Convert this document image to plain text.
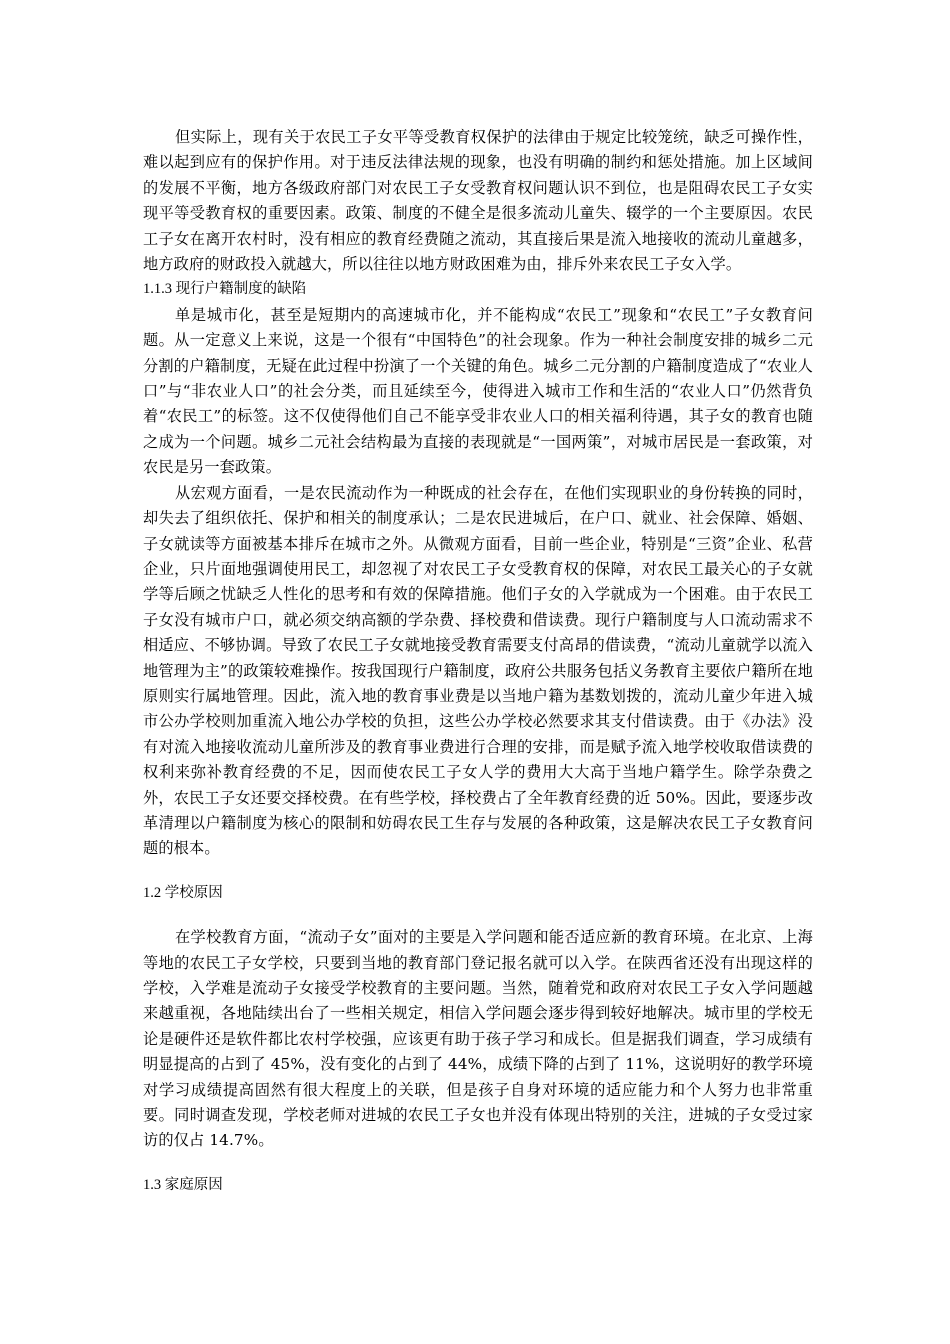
但实际上，现有关于农民工子女平等受教育权保护的法律由于规定比较笼统，缺乏可操作性，难以起到应有的保护作用。对于违反法律法规的现象，也没有明确的制约和惩处措施。加上区域间的发展不平衡，地方各级政府部门对农民工子女受教育权问题认识不到位，也是阻碍农民工子女实现平等受教育权的重要因素。政策、制度的不健全是很多流动儿童失、辍学的一个主要原因。农民工子女在离开农村时，没有相应的教育经费随之流动，其直接后果是流入地接收的流动儿童越多，地方政府的财政投入就越大，所以往往以地方财政困难为由，排斥外来农民工子女入学。

1.1.3 现行户籍制度的缺陷

单是城市化，甚至是短期内的高速城市化，并不能构成“农民工”现象和“农民工”子女教育问题。从一定意义上来说，这是一个很有“中国特色”的社会现象。作为一种社会制度安排的城乡二元分割的户籍制度，无疑在此过程中扮演了一个关键的角色。城乡二元分割的户籍制度造成了“农业人口”与“非农业人口”的社会分类，而且延续至今，使得进入城市工作和生活的“农业人口”仍然背负着“农民工”的标签。这不仅使得他们自己不能享受非农业人口的相关福利待遇，其子女的教育也随之成为一个问题。城乡二元社会结构最为直接的表现就是“一国两策”，对城市居民是一套政策，对农民是另一套政策。

从宏观方面看，一是农民流动作为一种既成的社会存在，在他们实现职业的身份转换的同时，却失去了组织依托、保护和相关的制度承认；二是农民进城后，在户口、就业、社会保障、婚姻、子女就读等方面被基本排斥在城市之外。从微观方面看，目前一些企业，特别是“三资”企业、私营企业，只片面地强调使用民工，却忽视了对农民工子女受教育权的保障，对农民工最关心的子女就学等后顾之忧缺乏人性化的思考和有效的保障措施。他们子女的入学就成为一个困难。由于农民工子女没有城市户口，就必须交纳高额的学杂费、择校费和借读费。现行户籍制度与人口流动需求不相适应、不够协调。导致了农民工子女就地接受教育需要支付高昂的借读费，“流动儿童就学以流入地管理为主”的政策较难操作。按我国现行户籍制度，政府公共服务包括义务教育主要依户籍所在地原则实行属地管理。因此，流入地的教育事业费是以当地户籍为基数划拨的，流动儿童少年进入城市公办学校则加重流入地公办学校的负担，这些公办学校必然要求其支付借读费。由于《办法》没有对流入地接收流动儿童所涉及的教育事业费进行合理的安排，而是赋予流入地学校收取借读费的权利来弥补教育经费的不足，因而使农民工子女人学的费用大大高于当地户籍学生。除学杂费之外，农民工子女还要交择校费。在有些学校，择校费占了全年教育经费的近 50%。因此，要逐步改革清理以户籍制度为核心的限制和妨碍农民工生存与发展的各种政策，这是解决农民工子女教育问题的根本。

1.2 学校原因

在学校教育方面，“流动子女”面对的主要是入学问题和能否适应新的教育环境。在北京、上海等地的农民工子女学校，只要到当地的教育部门登记报名就可以入学。在陕西省还没有出现这样的学校，入学难是流动子女接受学校教育的主要问题。当然，随着党和政府对农民工子女入学问题越来越重视，各地陆续出台了一些相关规定，相信入学问题会逐步得到较好地解决。城市里的学校无论是硬件还是软件都比农村学校强，应该更有助于孩子学习和成长。但是据我们调查，学习成绩有明显提高的占到了 45%，没有变化的占到了 44%，成绩下降的占到了 11%，这说明好的教学环境对学习成绩提高固然有很大程度上的关联，但是孩子自身对环境的适应能力和个人努力也非常重要。同时调查发现，学校老师对进城的农民工子女也并没有体现出特别的关注，进城的子女受过家访的仅占 14.7%。

1.3 家庭原因
